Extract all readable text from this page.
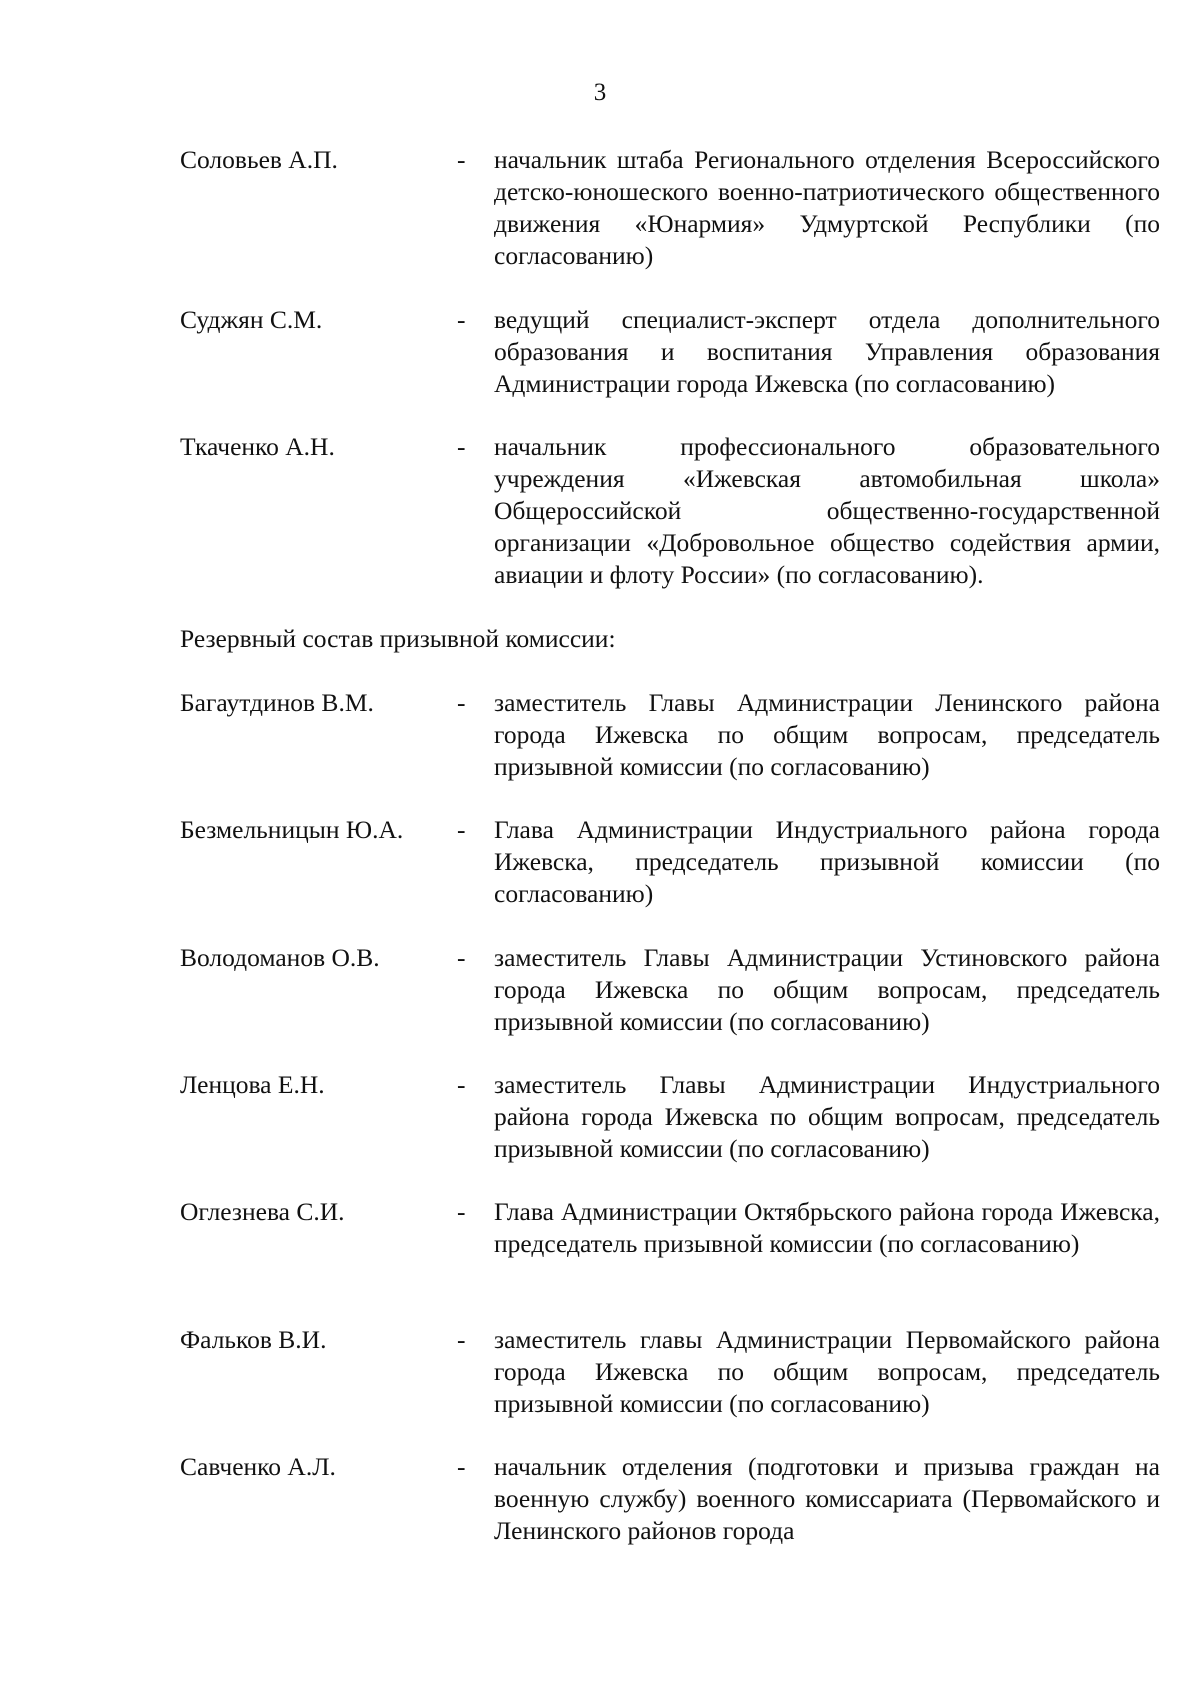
3
Соловьев А.П.	-	начальник штаба Регионального отделения Всероссийского детско-юношеского военно-патриотического общественного движения «Юнармия» Удмуртской Республики (по согласованию)
Суджян С.М.	-	ведущий специалист-эксперт отдела дополнительного образования и воспитания Управления образования Администрации города Ижевска (по согласованию)
Ткаченко А.Н.	-	начальник профессионального образовательного учреждения «Ижевская автомобильная школа» Общероссийской общественно-государственной организации «Добровольное общество содействия армии, авиации и флоту России» (по согласованию).
Резервный состав призывной комиссии:
Багаутдинов В.М.	-	заместитель Главы Администрации Ленинского района города Ижевска по общим вопросам, председатель призывной комиссии (по согласованию)
Безмельницын Ю.А.	-	Глава Администрации Индустриального района города Ижевска, председатель призывной комиссии (по согласованию)
Володоманов О.В.	-	заместитель Главы Администрации Устиновского района города Ижевска по общим вопросам, председатель призывной комиссии (по согласованию)
Ленцова Е.Н.	-	заместитель Главы Администрации Индустриального района города Ижевска по общим вопросам, председатель призывной комиссии (по согласованию)
Оглезнева С.И.	-	Глава Администрации Октябрьского района города Ижевска, председатель призывной комиссии (по согласованию)
Фальков В.И.	-	заместитель главы Администрации Первомайского района города Ижевска по общим вопросам, председатель призывной комиссии (по согласованию)
Савченко А.Л.	-	начальник отделения (подготовки и призыва граждан на военную службу) военного комиссариата (Первомайского и Ленинского районов города
